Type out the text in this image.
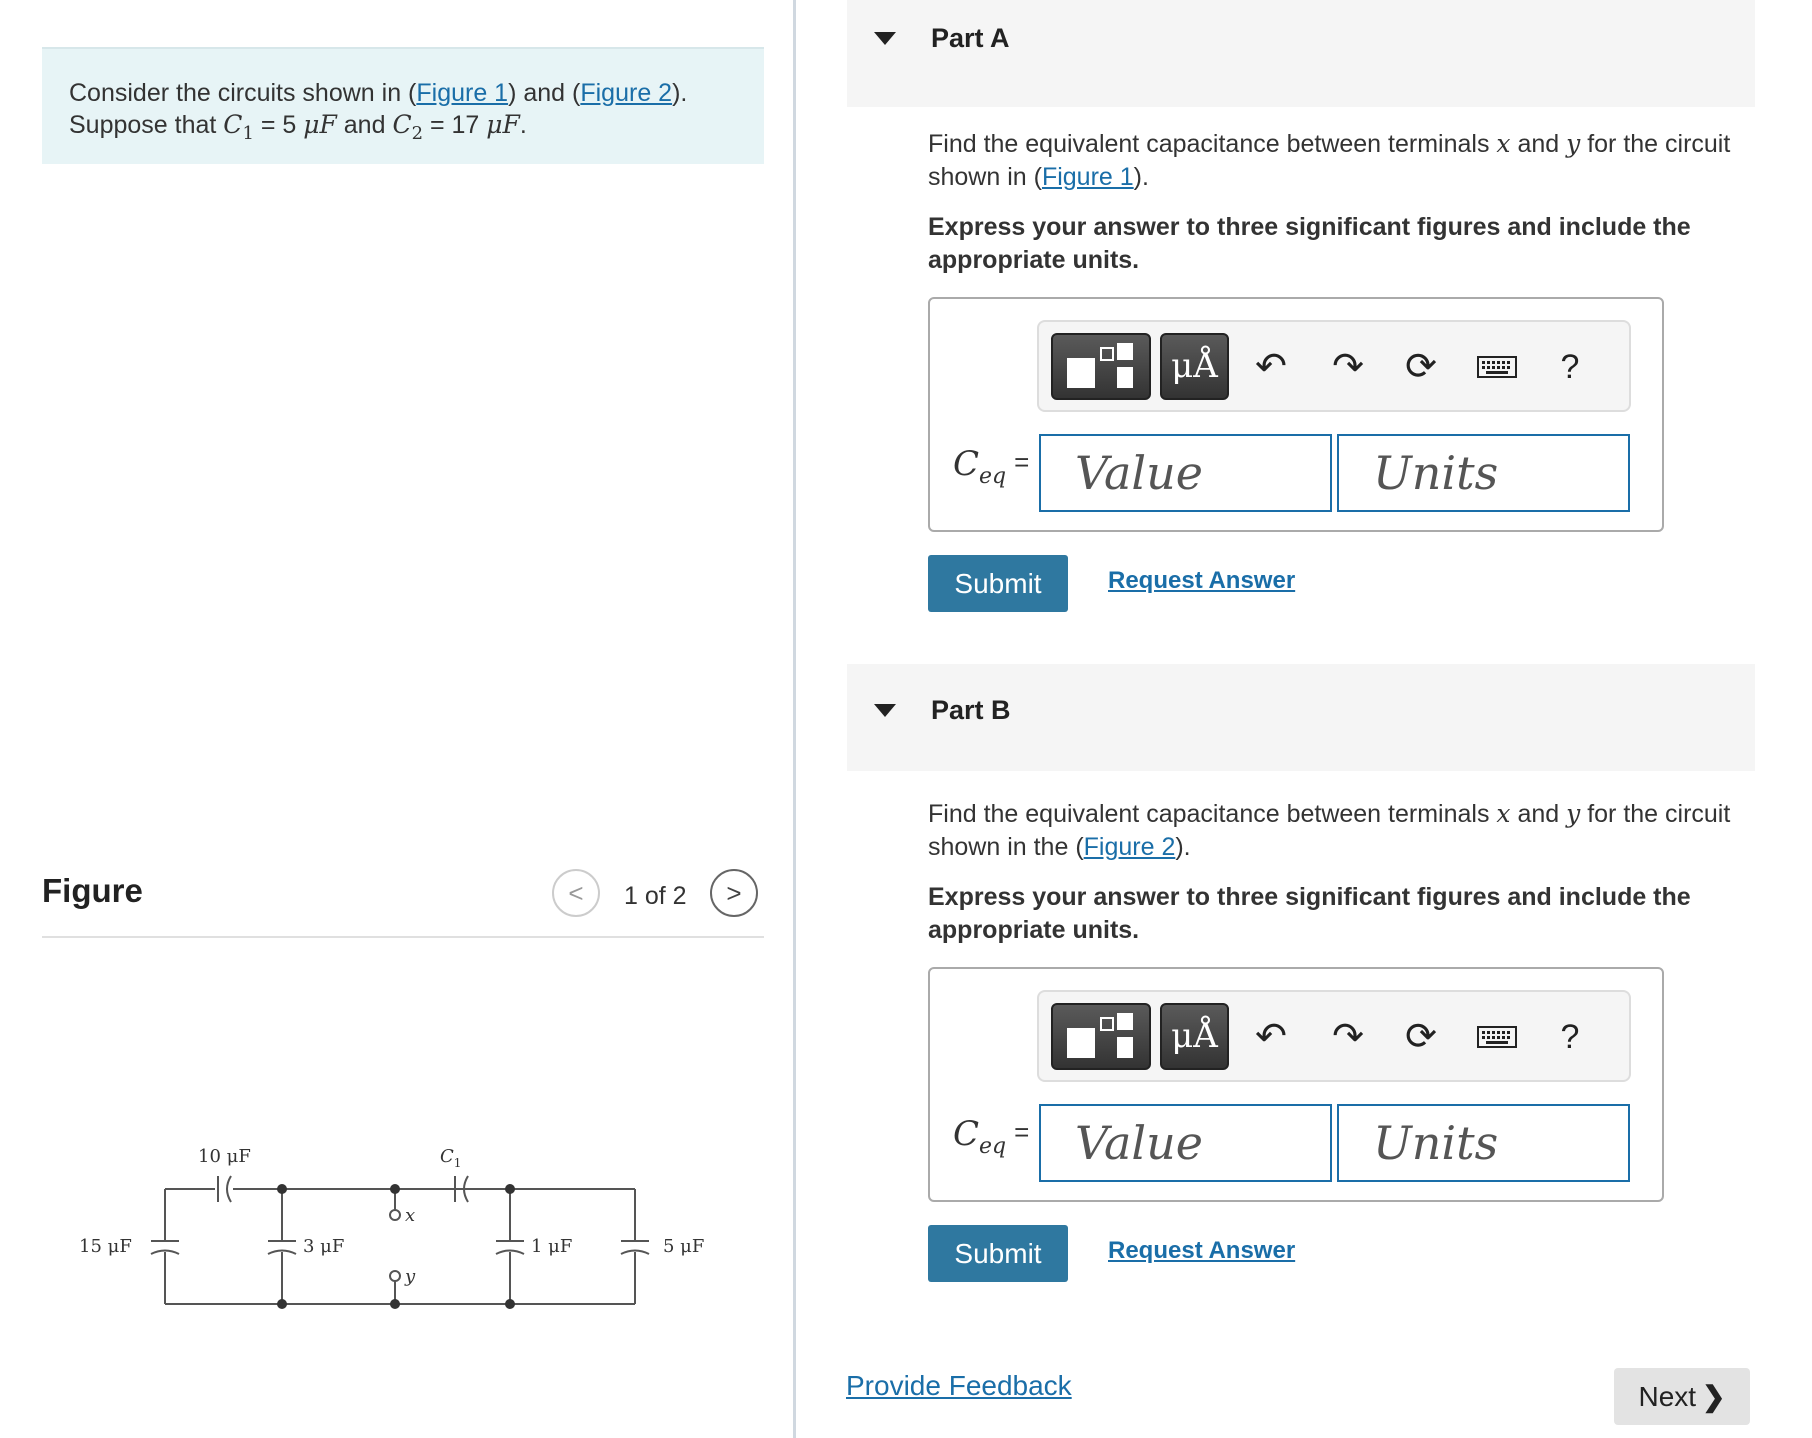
Consider the circuits shown in (Figure 1) and (Figure 2).
Suppose that $C_1 = 5$ μF and $C_2 = 17$ μF.
Figure	<	1 of 2	>
10 μF	$C_1$
15 μF	3 μF	1 μF	5 μF
x
y
Part A
Find the equivalent capacitance between terminals x and y for the circuit shown in (Figure 1).
Express your answer to three significant figures and include the appropriate units.
μÅ ↶ ↷ ⟳	?
$C_{eq}$ =
Value
Units
Submit	Request Answer
Part B
Find the equivalent capacitance between terminals x and y for the circuit shown in the (Figure 2).
Express your answer to three significant figures and include the appropriate units.
μÅ ↶ ↷ ⟳	?
$C_{eq}$ =
Value
Units
Submit	Request Answer
Provide Feedback	Next ❯
